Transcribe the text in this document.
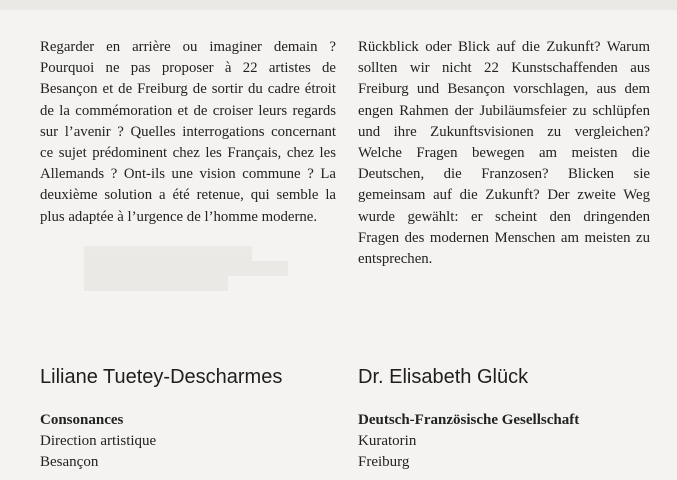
Regarder en arrière ou imaginer demain ? Pourquoi ne pas proposer à 22 artistes de Besançon et de Freiburg de sortir du cadre étroit de la commémoration et de croiser leurs regards sur l’avenir ? Quelles interrogations concernant ce sujet prédominent chez les Français, chez les Allemands ? Ont-ils une vision commune ? La deuxième solution a été retenue, qui semble la plus adaptée à l’urgence de l’homme moderne.

Liliane Tuetey-Descharmes
Consonances
Direction artistique
Besançon

Rückblick oder Blick auf die Zukunft? Warum sollten wir nicht 22 Kunstschaffenden aus Freiburg und Besançon vorschlagen, aus dem engen Rahmen der Jubiläumsfeier zu schlüpfen und ihre Zukunftsvisionen zu vergleichen? Welche Fragen bewegen am meisten die Deutschen, die Franzosen? Blicken sie gemeinsam auf die Zukunft? Der zweite Weg wurde gewählt: er scheint den dringenden Fragen des modernen Menschen am meisten zu entsprechen.

Dr. Elisabeth Glück
Deutsch-Französische Gesellschaft
Kuratorin
Freiburg
